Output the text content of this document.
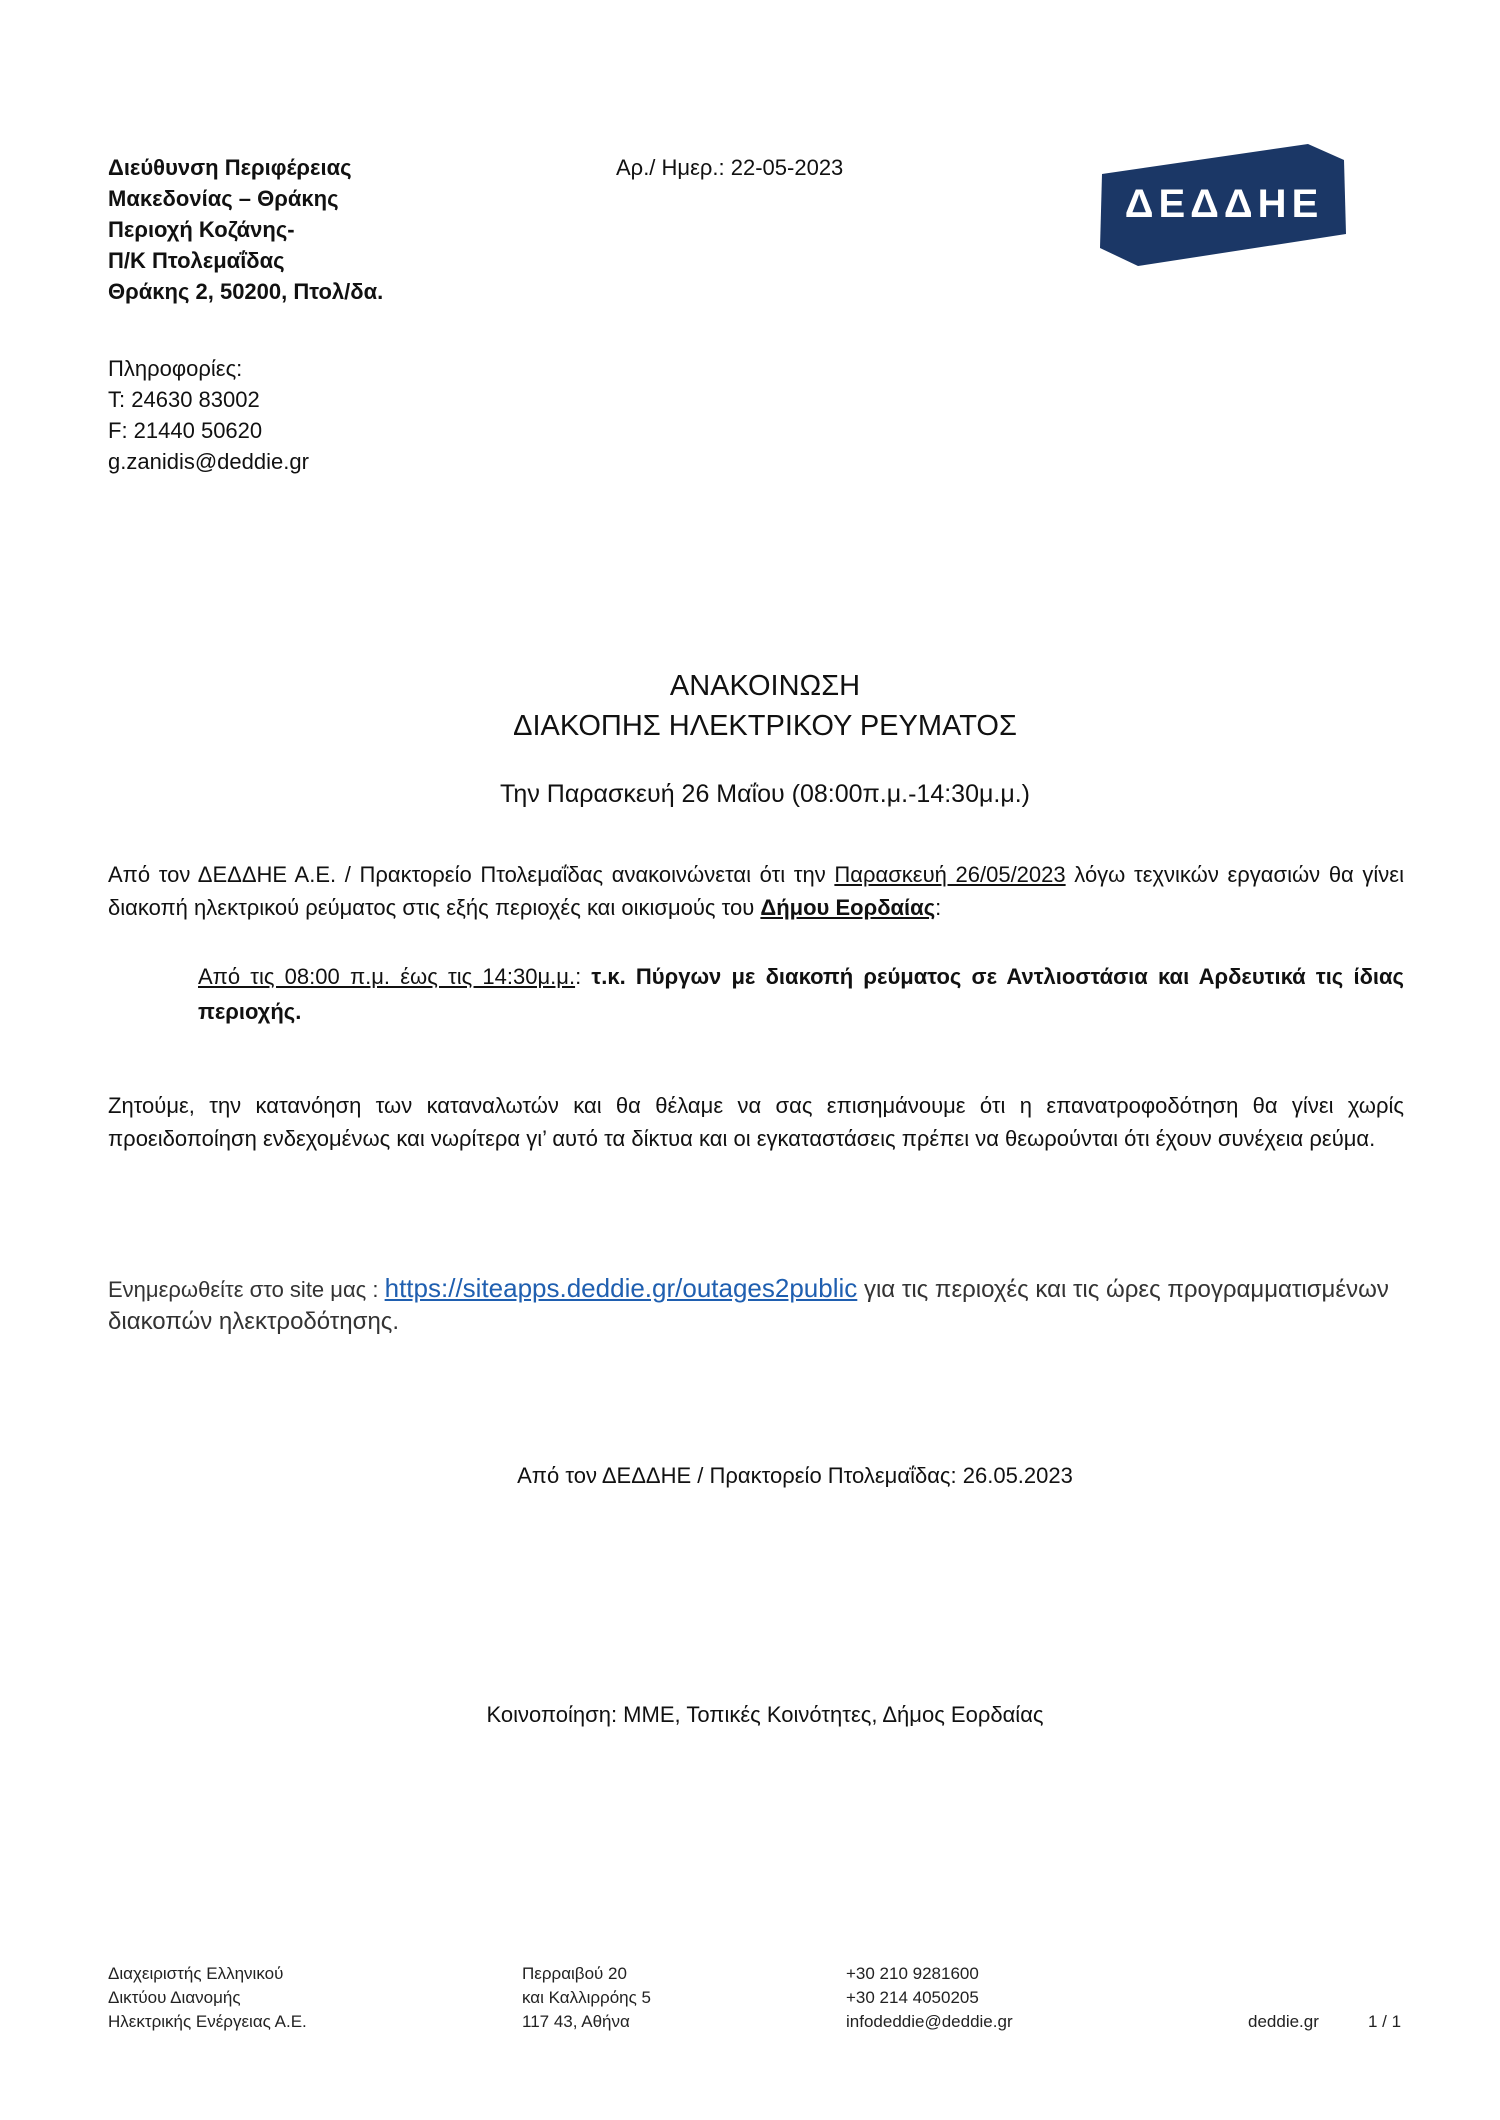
Διεύθυνση Περιφέρειας
Μακεδονίας – Θράκης
Περιοχή Κοζάνης-
Π/Κ Πτολεμαΐδας
Θράκης 2, 50200, Πτολ/δα.
Αρ./ Ημερ.: 22-05-2023
ΔΕΔΔΗΕ
Πληροφορίες:
Τ: 24630 83002
F: 21440 50620
g.zanidis@deddie.gr
ΑΝΑΚΟΙΝΩΣΗ
ΔΙΑΚΟΠΗΣ ΗΛΕΚΤΡΙΚΟΥ ΡΕΥΜΑΤΟΣ
Την Παρασκευή 26 Μαΐου (08:00π.μ.-14:30μ.μ.)
Από τον ΔΕΔΔΗΕ Α.Ε. / Πρακτορείο Πτολεμαΐδας ανακοινώνεται ότι την Παρασκευή 26/05/2023 λόγω τεχνικών εργασιών θα γίνει διακοπή ηλεκτρικού ρεύματος στις εξής περιοχές και οικισμούς του Δήμου Εορδαίας:
Από τις 08:00 π.μ. έως τις 14:30μ.μ.: τ.κ. Πύργων με διακοπή ρεύματος σε Αντλιοστάσια και Αρδευτικά τις ίδιας περιοχής.
Ζητούμε, την κατανόηση των καταναλωτών και θα θέλαμε να σας επισημάνουμε ότι η επανατροφοδότηση θα γίνει χωρίς προειδοποίηση ενδεχομένως και νωρίτερα γι’ αυτό τα δίκτυα και οι εγκαταστάσεις πρέπει να θεωρούνται ότι έχουν συνέχεια ρεύμα.
Ενημερωθείτε στο site μας : https://siteapps.deddie.gr/outages2public για τις περιοχές και τις ώρες προγραμματισμένων διακοπών ηλεκτροδότησης.
Από τον ΔΕΔΔΗΕ / Πρακτορείο Πτολεμαΐδας: 26.05.2023
Κοινοποίηση: ΜΜΕ, Τοπικές Κοινότητες, Δήμος Εορδαίας
Διαχειριστής Ελληνικού
Δικτύου Διανομής
Ηλεκτρικής Ενέργειας Α.Ε.
Περραιβού 20
και Καλλιρρόης 5
117 43, Αθήνα
+30 210 9281600
+30 214 4050205
infodeddie@deddie.gr	deddie.gr	1 / 1
